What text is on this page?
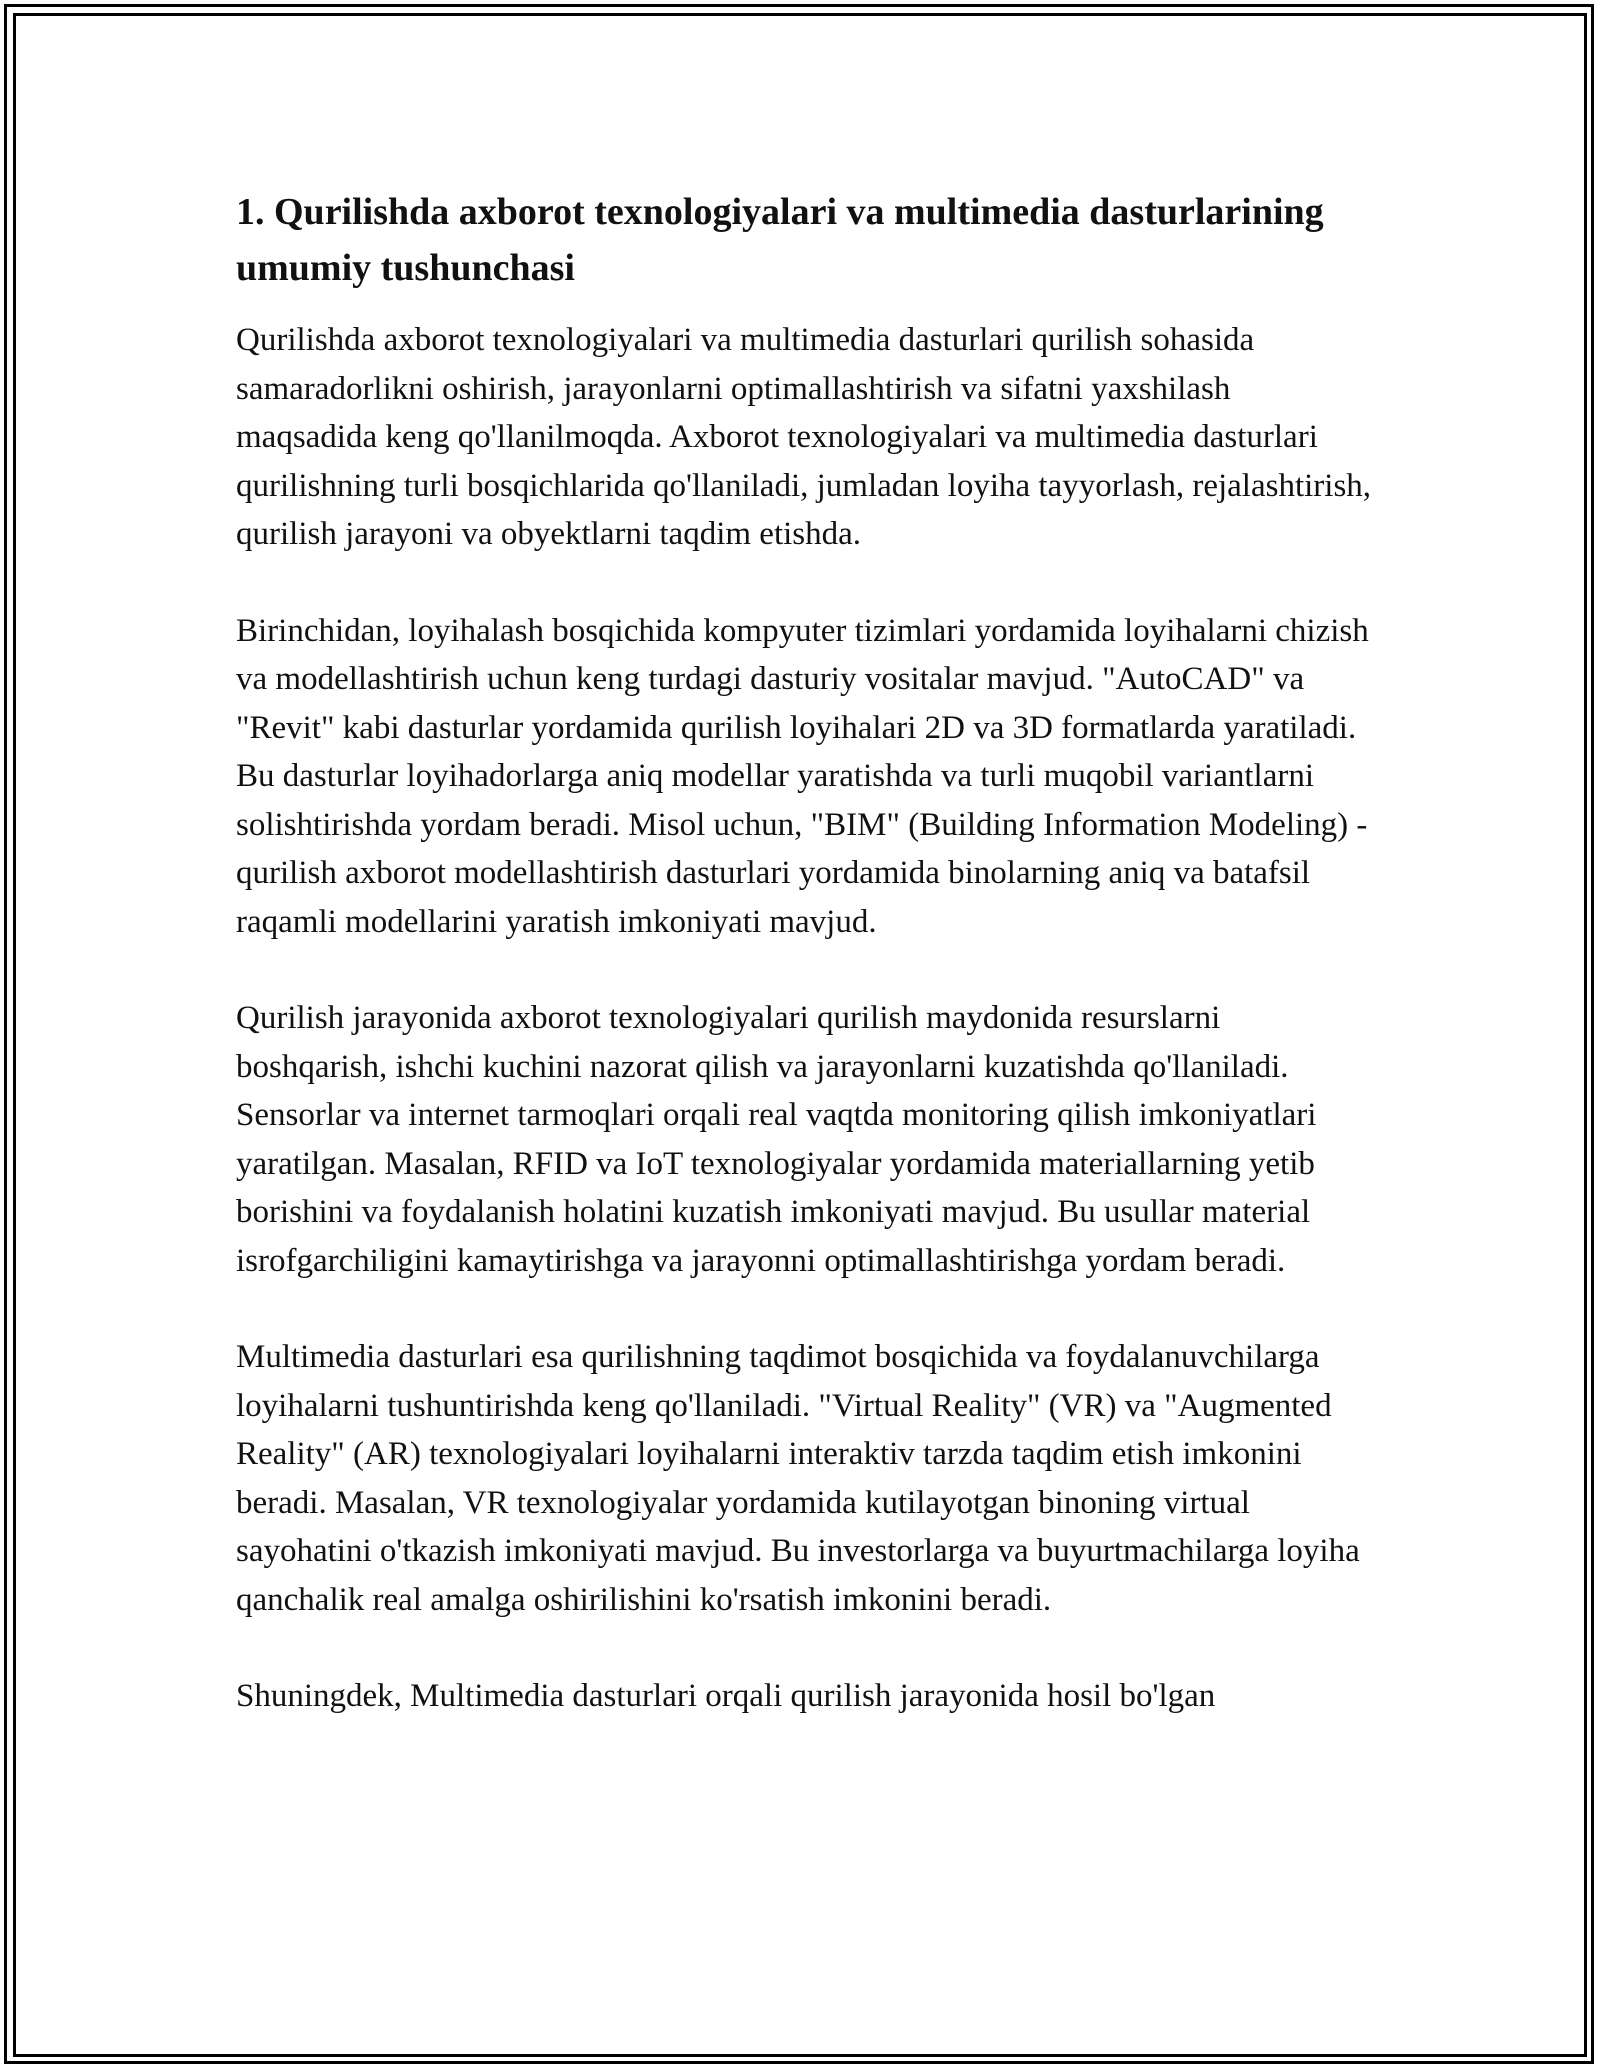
1. Qurilishda axborot texnologiyalari va multimedia dasturlarining umumiy tushunchasi

Qurilishda axborot texnologiyalari va multimedia dasturlari qurilish sohasida samaradorlikni oshirish, jarayonlarni optimallashtirish va sifatni yaxshilash maqsadida keng qo'llanilmoqda. Axborot texnologiyalari va multimedia dasturlari qurilishning turli bosqichlarida qo'llaniladi, jumladan loyiha tayyorlash, rejalashtirish, qurilish jarayoni va obyektlarni taqdim etishda.

Birinchidan, loyihalash bosqichida kompyuter tizimlari yordamida loyihalarni chizish va modellashtirish uchun keng turdagi dasturiy vositalar mavjud. "AutoCAD" va "Revit" kabi dasturlar yordamida qurilish loyihalari 2D va 3D formatlarda yaratiladi. Bu dasturlar loyihadorlarga aniq modellar yaratishda va turli muqobil variantlarni solishtirishda yordam beradi. Misol uchun, "BIM" (Building Information Modeling) - qurilish axborot modellashtirish dasturlari yordamida binolarning aniq va batafsil raqamli modellarini yaratish imkoniyati mavjud.

Qurilish jarayonida axborot texnologiyalari qurilish maydonida resurslarni boshqarish, ishchi kuchini nazorat qilish va jarayonlarni kuzatishda qo'llaniladi. Sensorlar va internet tarmoqlari orqali real vaqtda monitoring qilish imkoniyatlari yaratilgan. Masalan, RFID va IoT texnologiyalar yordamida materiallarning yetib borishini va foydalanish holatini kuzatish imkoniyati mavjud. Bu usullar material isrofgarchiligini kamaytirishga va jarayonni optimallashtirishga yordam beradi.

Multimedia dasturlari esa qurilishning taqdimot bosqichida va foydalanuvchilarga loyihalarni tushuntirishda keng qo'llaniladi. "Virtual Reality" (VR) va "Augmented Reality" (AR) texnologiyalari loyihalarni interaktiv tarzda taqdim etish imkonini beradi. Masalan, VR texnologiyalar yordamida kutilayotgan binoning virtual sayohatini o'tkazish imkoniyati mavjud. Bu investorlarga va buyurtmachilarga loyiha qanchalik real amalga oshirilishini ko'rsatish imkonini beradi.

Shuningdek, Multimedia dasturlari orqali qurilish jarayonida hosil bo'lgan
